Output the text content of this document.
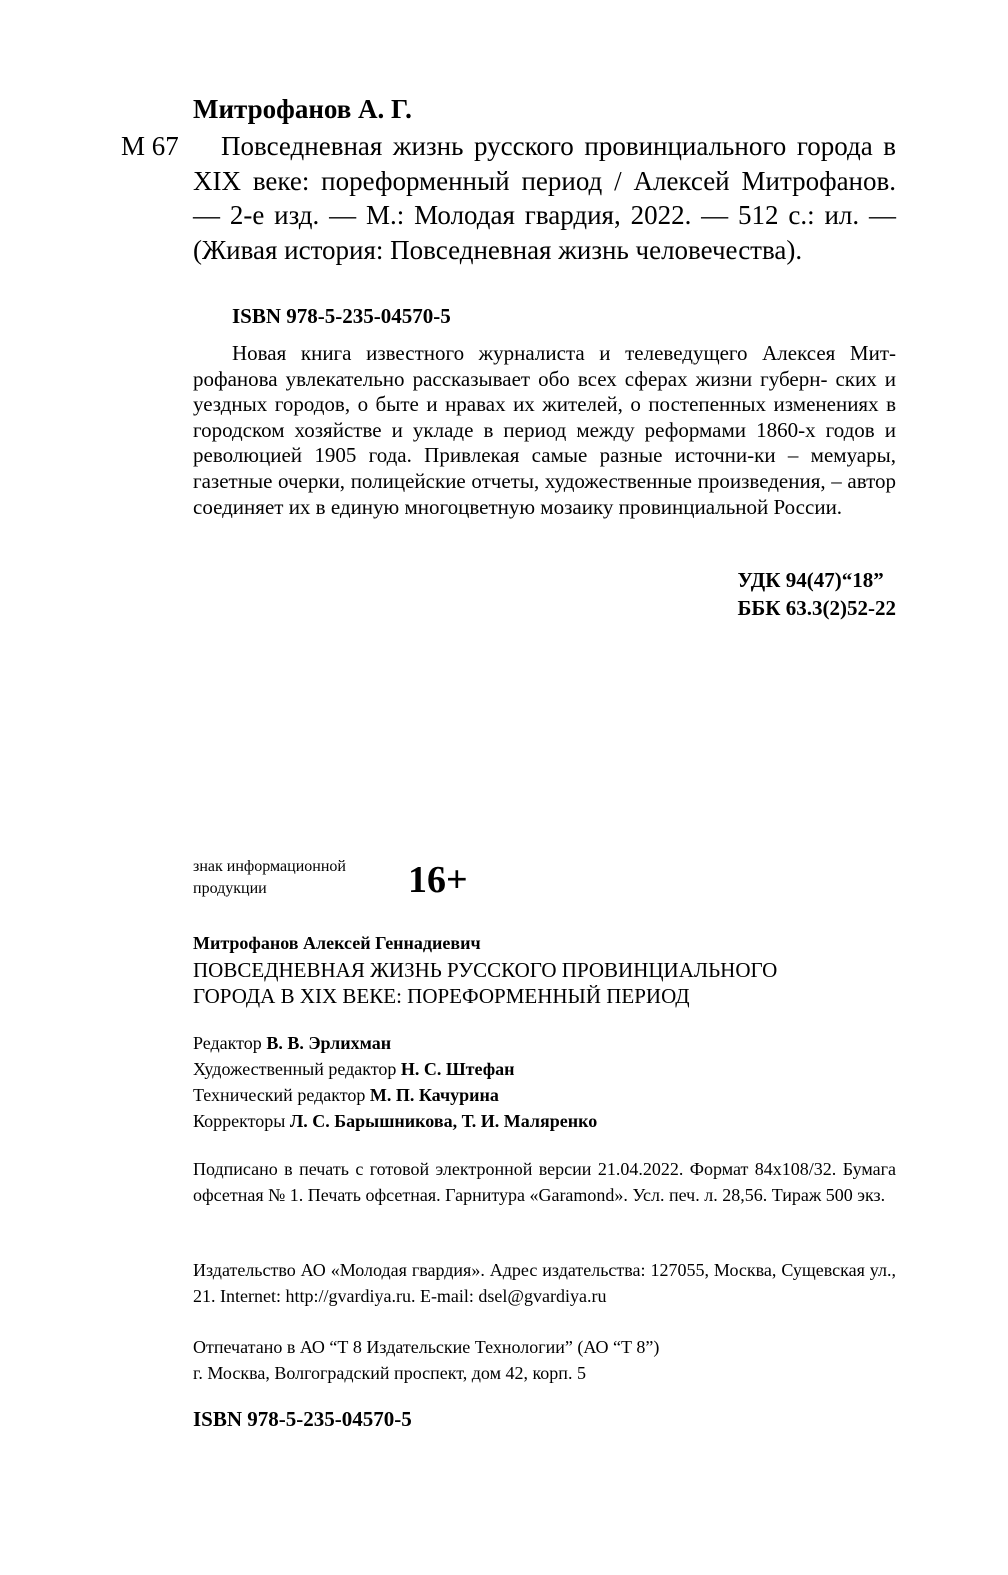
Митрофанов А. Г.
М 67	Повседневная жизнь русского провинциального города в XIX веке: пореформенный период / Алексей Митрофанов. — 2-е изд. — М.: Молодая гвардия, 2022. — 512 с.: ил. — (Живая история: Повседневная жизнь человечества).

ISBN 978-5-235-04570-5

Новая книга известного журналиста и телеведущего Алексея Мит-рофанова увлекательно рассказывает обо всех сферах жизни губерн- ских и уездных городов, о быте и нравах их жителей, о постепенных изменениях в городском хозяйстве и укладе в период между реформами 1860-х годов и революцией 1905 года. Привлекая самые разные источни-ки – мемуары, газетные очерки, полицейские отчеты, художественные произведения, – автор соединяет их в единую многоцветную мозаику провинциальной России.

УДК 94(47)“18”
ББК 63.3(2)52-22
знак информационной
продукции	16+
Митрофанов Алексей Геннадиевич
ПОВСЕДНЕВНАЯ ЖИЗНЬ РУССКОГО ПРОВИНЦИАЛЬНОГО
ГОРОДА В XIX ВЕКЕ: ПОРЕФОРМЕННЫЙ ПЕРИОД
Редактор В. В. Эрлихман
Художественный редактор Н. С. Штефан
Технический редактор М. П. Качурина
Корректоры Л. С. Барышникова, Т. И. Маляренко

Подписано в печать с готовой электронной версии 21.04.2022. Формат 84x108/32. Бумага офсетная № 1. Печать офсетная. Гарнитура «Garamond». Усл. печ. л. 28,56. Тираж 500 экз.

Издательство АО «Молодая гвардия». Адрес издательства: 127055, Москва, Сущевская ул., 21. Internet: http://gvardiya.ru. E-mail: dsel@gvardiya.ru

Отпечатано в АО “Т 8 Издательские Технологии” (АО “Т 8”)
г. Москва, Волгоградский проспект, дом 42, корп. 5
ISBN 978-5-235-04570-5
